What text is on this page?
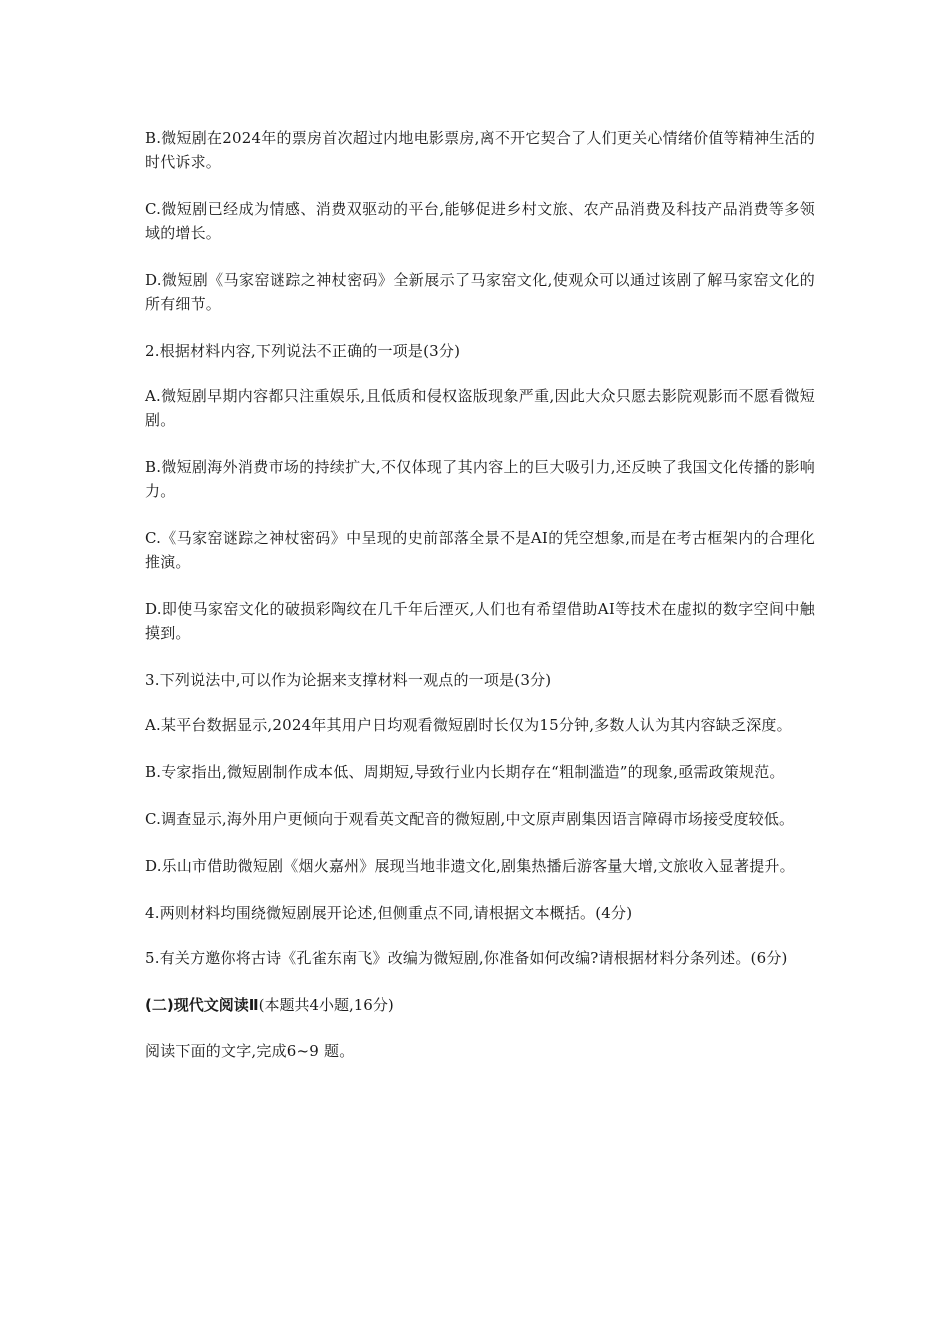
B.微短剧在2024年的票房首次超过内地电影票房,离不开它契合了人们更关心情绪价值等精神生活的时代诉求。

C.微短剧已经成为情感、消费双驱动的平台,能够促进乡村文旅、农产品消费及科技产品消费等多领域的增长。

D.微短剧《马家窑谜踪之神杖密码》全新展示了马家窑文化,使观众可以通过该剧了解马家窑文化的所有细节。

2.根据材料内容,下列说法不正确的一项是(3分)

A.微短剧早期内容都只注重娱乐,且低质和侵权盗版现象严重,因此大众只愿去影院观影而不愿看微短剧。

B.微短剧海外消费市场的持续扩大,不仅体现了其内容上的巨大吸引力,还反映了我国文化传播的影响力。

C.《马家窑谜踪之神杖密码》中呈现的史前部落全景不是AI的凭空想象,而是在考古框架内的合理化推演。

D.即使马家窑文化的破损彩陶纹在几千年后湮灭,人们也有希望借助AI等技术在虚拟的数字空间中触摸到。

3.下列说法中,可以作为论据来支撑材料一观点的一项是(3分)

A.某平台数据显示,2024年其用户日均观看微短剧时长仅为15分钟,多数人认为其内容缺乏深度。

B.专家指出,微短剧制作成本低、周期短,导致行业内长期存在“粗制滥造”的现象,亟需政策规范。

C.调查显示,海外用户更倾向于观看英文配音的微短剧,中文原声剧集因语言障碍市场接受度较低。

D.乐山市借助微短剧《烟火嘉州》展现当地非遗文化,剧集热播后游客量大增,文旅收入显著提升。

4.两则材料均围绕微短剧展开论述,但侧重点不同,请根据文本概括。(4分)

5.有关方邀你将古诗《孔雀东南飞》改编为微短剧,你准备如何改编?请根据材料分条列述。(6分)

(二)现代文阅读Ⅱ(本题共4小题,16分)

阅读下面的文字,完成6~9 题。
